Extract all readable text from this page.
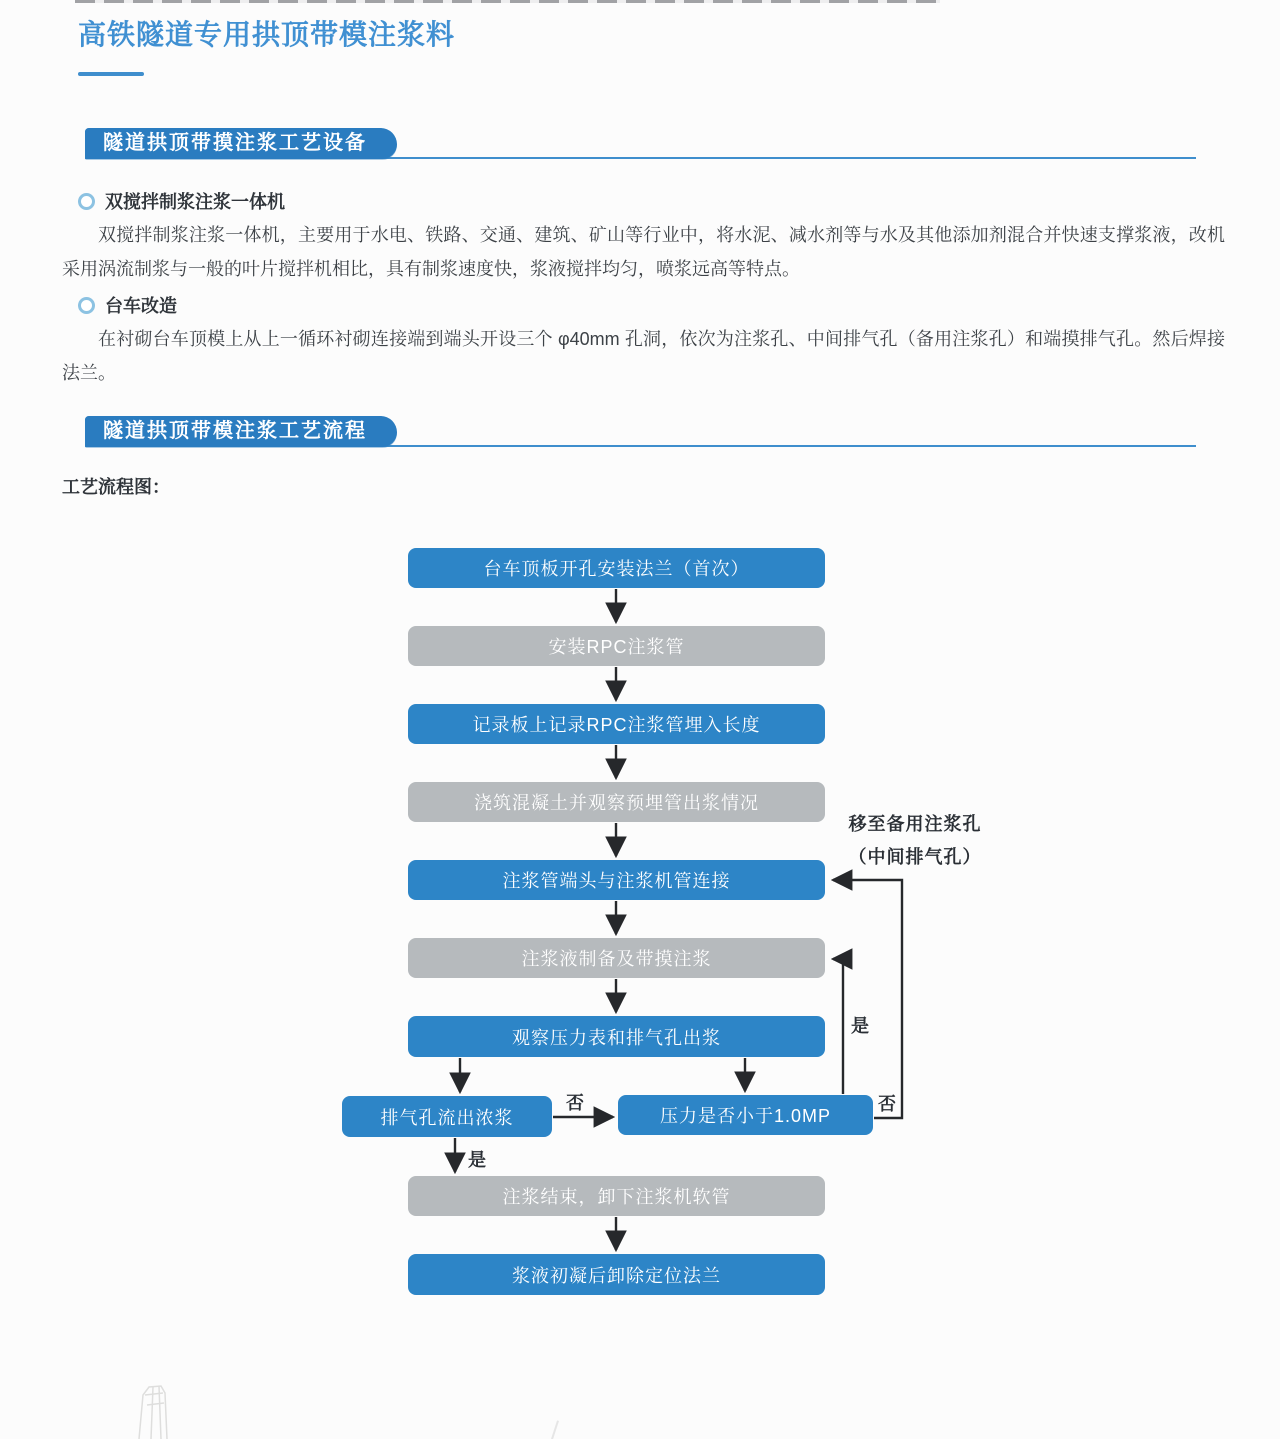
高铁隧道专用拱顶带模注浆料
隧道拱顶带摸注浆工艺设备
双搅拌制浆注浆一体机
双搅拌制浆注浆一体机，主要用于水电、铁路、交通、建筑、矿山等行业中，将水泥、减水剂等与水及其他添加剂混合并快速支撑浆液，改机采用涡流制浆与一般的叶片搅拌机相比，具有制浆速度快，浆液搅拌均匀，喷浆远高等特点。
台车改造
在衬砌台车顶模上从上一循环衬砌连接端到端头开设三个 φ40mm 孔洞，依次为注浆孔、中间排气孔（备用注浆孔）和端摸排气孔。然后焊接法兰。
隧道拱顶带模注浆工艺流程
工艺流程图：
台车顶板开孔安装法兰（首次）
安装RPC注浆管
记录板上记录RPC注浆管埋入长度
浇筑混凝土并观察预埋管出浆情况
注浆管端头与注浆机管连接
注浆液制备及带摸注浆
观察压力表和排气孔出浆
排气孔流出浓浆	压力是否小于1.0MP
注浆结束，卸下注浆机软管
浆液初凝后卸除定位法兰
移至备用注浆孔
（中间排气孔）
是
否
否
是
